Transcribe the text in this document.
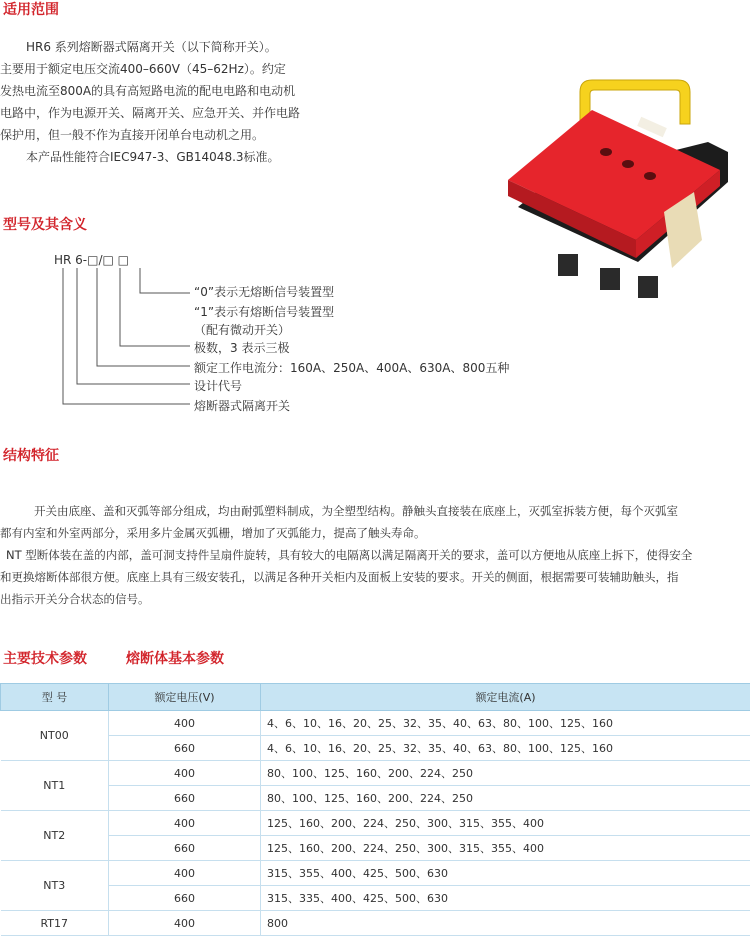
适用范围

HR6 系列熔断器式隔离开关（以下简称开关）。

主要用于额定电压交流400–660V（45–62Hz）。约定

发热电流至800A的具有高短路电流的配电电路和电动机

电路中，作为电源开关、隔离开关、应急开关、并作电路

保护用，但一般不作为直接开闭单台电动机之用。

本产品性能符合IEC947-3、GB14048.3标准。

型号及其含义
HR 6-□/□ □
“0”表示无熔断信号装置型
“1”表示有熔断信号装置型
（配有微动开关）
极数，3 表示三极
额定工作电流分：160A、250A、400A、630A、800五种
设计代号
熔断器式隔离开关
结构特征

开关由底座、盖和灭弧等部分组成，均由耐弧塑料制成，为全塑型结构。静触头直接装在底座上，灭弧室拆装方便，每个灭弧室

都有内室和外室两部分，采用多片金属灭弧栅，增加了灭弧能力，提高了触头寿命。

NT 型断体装在盖的内部，盖可洞支持件呈扇件旋转，具有较大的电隔离以满足隔离开关的要求，盖可以方便地从底座上拆下，使得安全

和更换熔断体部很方便。底座上具有三级安装孔，以满足各种开关柜内及面板上安装的要求。开关的侧面，根据需要可装辅助触头，指

出指示开关分合状态的信号。

主要技术参数	熔断体基本参数
型 号	额定电压(V)	额定电流(A)
NT00	400	4、6、10、16、20、25、32、35、40、63、80、100、125、160
	660	4、6、10、16、20、25、32、35、40、63、80、100、125、160
NT1	400	80、100、125、160、200、224、250
	660	80、100、125、160、200、224、250
NT2	400	125、160、200、224、250、300、315、355、400
	660	125、160、200、224、250、300、315、355、400
NT3	400	315、355、400、425、500、630
	660	315、335、400、425、500、630
RT17	400	800
